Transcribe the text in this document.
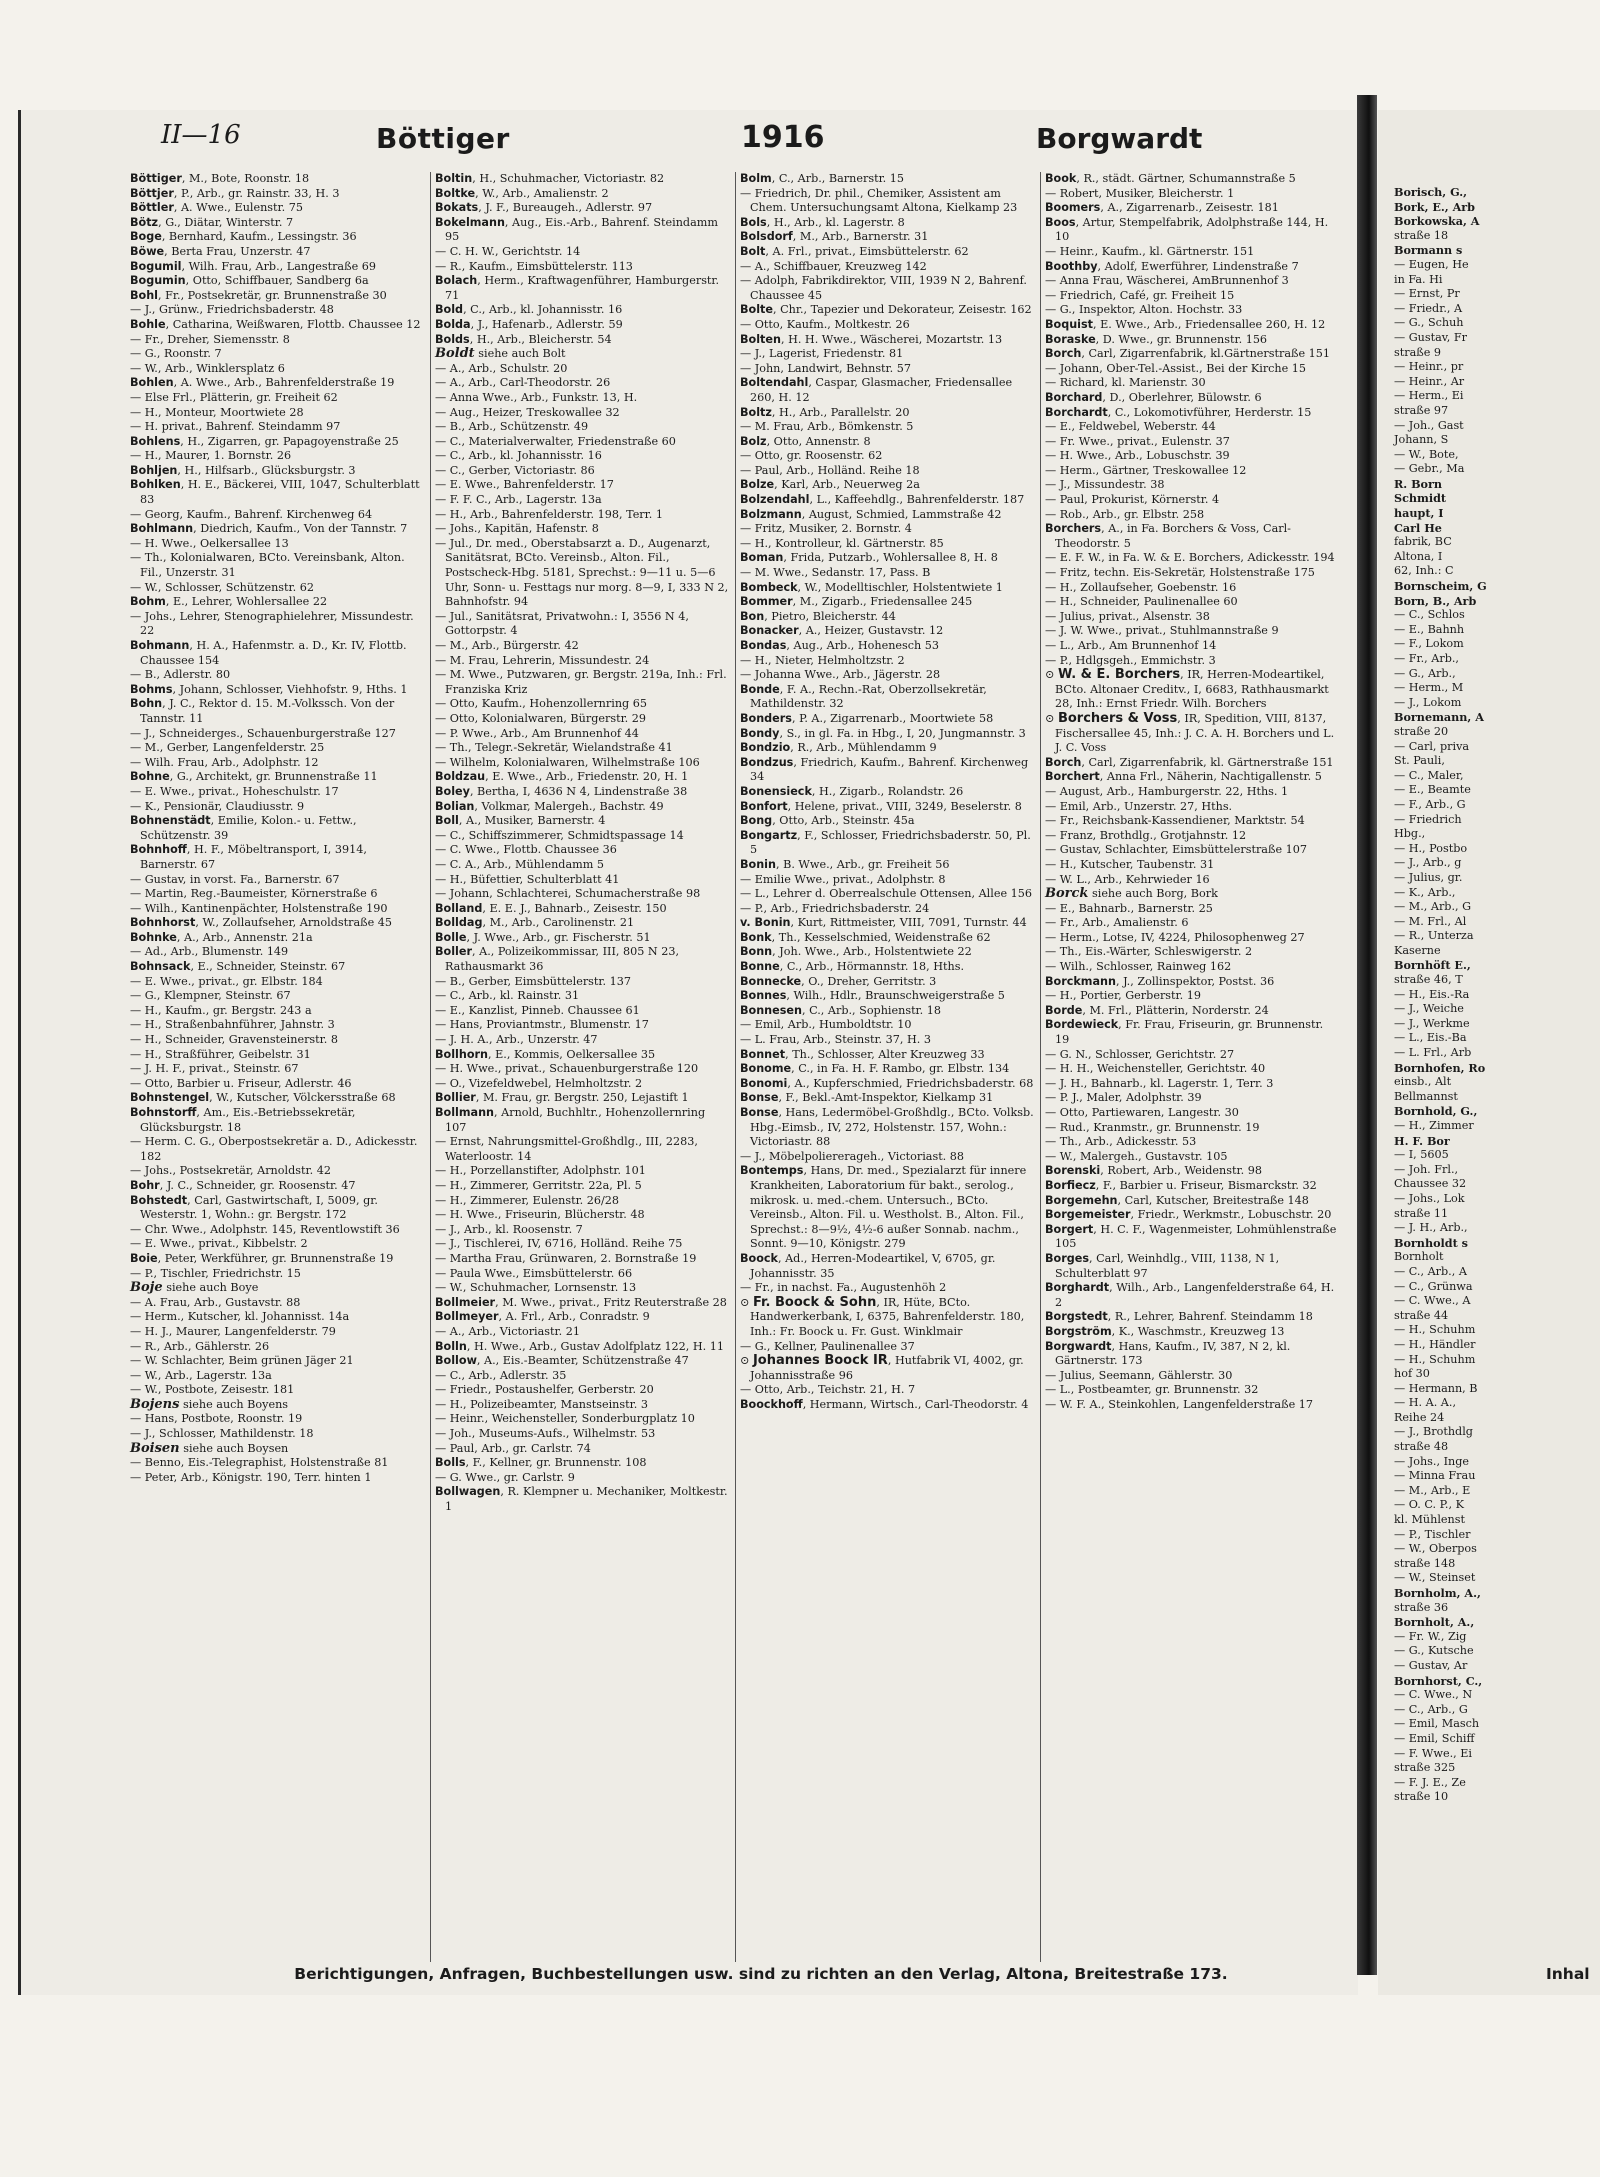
II—16	Böttiger	1916	Borgwardt

Böttiger, M., Bote, Roonstr. 18

Böttjer, P., Arb., gr. Rainstr. 33, H. 3

Böttler, A. Wwe., Eulenstr. 75

Bötz, G., Diätar, Winterstr. 7

Boge, Bernhard, Kaufm., Lessingstr. 36

Böwe, Berta Frau, Unzerstr. 47

Bogumil, Wilh. Frau, Arb., Langestraße 69

Bogumin, Otto, Schiffbauer, Sandberg 6a

Bohl, Fr., Postsekretär, gr. Brunnenstraße 30

— J., Grünw., Friedrichsbaderstr. 48

Bohle, Catharina, Weißwaren, Flottb. Chaussee 12

— Fr., Dreher, Siemensstr. 8

— G., Roonstr. 7

— W., Arb., Winklersplatz 6

Bohlen, A. Wwe., Arb., Bahrenfelderstraße 19

— Else Frl., Plätterin, gr. Freiheit 62

— H., Monteur, Moortwiete 28

— H. privat., Bahrenf. Steindamm 97

Bohlens, H., Zigarren, gr. Papagoyenstraße 25

— H., Maurer, 1. Bornstr. 26

Bohljen, H., Hilfsarb., Glücksburgstr. 3

Bohlken, H. E., Bäckerei, VIII, 1047, Schulterblatt 83

— Georg, Kaufm., Bahrenf. Kirchenweg 64

Bohlmann, Diedrich, Kaufm., Von der Tannstr. 7

— H. Wwe., Oelkersallee 13

— Th., Kolonialwaren, BCto. Vereinsbank, Alton. Fil., Unzerstr. 31

— W., Schlosser, Schützenstr. 62

Bohm, E., Lehrer, Wohlersallee 22

— Johs., Lehrer, Stenographielehrer, Missundestr. 22

Bohmann, H. A., Hafenmstr. a. D., Kr. IV, Flottb. Chaussee 154

— B., Adlerstr. 80

Bohms, Johann, Schlosser, Viehhofstr. 9, Hths. 1

Bohn, J. C., Rektor d. 15. M.-Volkssch. Von der Tannstr. 11

— J., Schneiderges., Schauenburgerstraße 127

— M., Gerber, Langenfelderstr. 25

— Wilh. Frau, Arb., Adolphstr. 12

Bohne, G., Architekt, gr. Brunnenstraße 11

— E. Wwe., privat., Hoheschulstr. 17

— K., Pensionär, Claudiusstr. 9

Bohnenstädt, Emilie, Kolon.- u. Fettw., Schützenstr. 39

Bohnhoff, H. F., Möbeltransport, I, 3914, Barnerstr. 67

— Gustav, in vorst. Fa., Barnerstr. 67

— Martin, Reg.-Baumeister, Körnerstraße 6

— Wilh., Kantinenpächter, Holstenstraße 190

Bohnhorst, W., Zollaufseher, Arnoldstraße 45

Bohnke, A., Arb., Annenstr. 21a

— Ad., Arb., Blumenstr. 149

Bohnsack, E., Schneider, Steinstr. 67

— E. Wwe., privat., gr. Elbstr. 184

— G., Klempner, Steinstr. 67

— H., Kaufm., gr. Bergstr. 243 a

— H., Straßenbahnführer, Jahnstr. 3

— H., Schneider, Gravensteinerstr. 8

— H., Straßführer, Geibelstr. 31

— J. H. F., privat., Steinstr. 67

— Otto, Barbier u. Friseur, Adlerstr. 46

Bohnstengel, W., Kutscher, Völckersstraße 68

Bohnstorff, Am., Eis.-Betriebssekretär, Glücksburgstr. 18

— Herm. C. G., Oberpostsekretär a. D., Adickesstr. 182

— Johs., Postsekretär, Arnoldstr. 42

Bohr, J. C., Schneider, gr. Roosenstr. 47

Bohstedt, Carl, Gastwirtschaft, I, 5009, gr. Westerstr. 1, Wohn.: gr. Bergstr. 172

— Chr. Wwe., Adolphstr. 145, Reventlowstift 36

— E. Wwe., privat., Kibbelstr. 2

Boie, Peter, Werkführer, gr. Brunnenstraße 19

— P., Tischler, Friedrichstr. 15

Boje siehe auch Boye

— A. Frau, Arb., Gustavstr. 88

— Herm., Kutscher, kl. Johannisst. 14a

— H. J., Maurer, Langenfelderstr. 79

— R., Arb., Gählerstr. 26

— W. Schlachter, Beim grünen Jäger 21

— W., Arb., Lagerstr. 13a

— W., Postbote, Zeisestr. 181

Bojens siehe auch Boyens

— Hans, Postbote, Roonstr. 19

— J., Schlosser, Mathildenstr. 18

Boisen siehe auch Boysen

— Benno, Eis.-Telegraphist, Holstenstraße 81

— Peter, Arb., Königstr. 190, Terr. hinten 1

Boltin, H., Schuhmacher, Victoriastr. 82

Boltke, W., Arb., Amalienstr. 2

Bokats, J. F., Bureaugeh., Adlerstr. 97

Bokelmann, Aug., Eis.-Arb., Bahrenf. Steindamm 95

— C. H. W., Gerichtstr. 14

— R., Kaufm., Eimsbüttelerstr. 113

Bolach, Herm., Kraftwagenführer, Hamburgerstr. 71

Bold, C., Arb., kl. Johannisstr. 16

Bolda, J., Hafenarb., Adlerstr. 59

Bolds, H., Arb., Bleicherstr. 54

Boldt siehe auch Bolt

— A., Arb., Schulstr. 20

— A., Arb., Carl-Theodorstr. 26

— Anna Wwe., Arb., Funkstr. 13, H.

— Aug., Heizer, Treskowallee 32

— B., Arb., Schützenstr. 49

— C., Materialverwalter, Friedenstraße 60

— C., Arb., kl. Johannisstr. 16

— C., Gerber, Victoriastr. 86

— E. Wwe., Bahrenfelderstr. 17

— F. F. C., Arb., Lagerstr. 13a

— H., Arb., Bahrenfelderstr. 198, Terr. 1

— Johs., Kapitän, Hafenstr. 8

— Jul., Dr. med., Oberstabsarzt a. D., Augenarzt, Sanitätsrat, BCto. Vereinsb., Alton. Fil., Postscheck-Hbg. 5181, Sprechst.: 9—11 u. 5—6 Uhr, Sonn- u. Festtags nur morg. 8—9, I, 333 N 2, Bahnhofstr. 94

— Jul., Sanitätsrat, Privatwohn.: I, 3556 N 4, Gottorpstr. 4

— M., Arb., Bürgerstr. 42

— M. Frau, Lehrerin, Missundestr. 24

— M. Wwe., Putzwaren, gr. Bergstr. 219a, Inh.: Frl. Franziska Kriz

— Otto, Kaufm., Hohenzollernring 65

— Otto, Kolonialwaren, Bürgerstr. 29

— P. Wwe., Arb., Am Brunnenhof 44

— Th., Telegr.-Sekretär, Wielandstraße 41

— Wilhelm, Kolonialwaren, Wilhelmstraße 106

Boldzau, E. Wwe., Arb., Friedenstr. 20, H. 1

Boley, Bertha, I, 4636 N 4, Lindenstraße 38

Bolian, Volkmar, Malergeh., Bachstr. 49

Boll, A., Musiker, Barnerstr. 4

— C., Schiffszimmerer, Schmidtspassage 14

— C. Wwe., Flottb. Chaussee 36

— C. A., Arb., Mühlendamm 5

— H., Büfettier, Schulterblatt 41

— Johann, Schlachterei, Schumacherstraße 98

Bolland, E. E. J., Bahnarb., Zeisestr. 150

Bolldag, M., Arb., Carolinenstr. 21

Bolle, J. Wwe., Arb., gr. Fischerstr. 51

Boller, A., Polizeikommissar, III, 805 N 23, Rathausmarkt 36

— B., Gerber, Eimsbüttelerstr. 137

— C., Arb., kl. Rainstr. 31

— E., Kanzlist, Pinneb. Chaussee 61

— Hans, Proviantmstr., Blumenstr. 17

— J. H. A., Arb., Unzerstr. 47

Bollhorn, E., Kommis, Oelkersallee 35

— H. Wwe., privat., Schauenburgerstraße 120

— O., Vizefeldwebel, Helmholtzstr. 2

Bollier, M. Frau, gr. Bergstr. 250, Lejastift 1

Bollmann, Arnold, Buchhltr., Hohenzollernring 107

— Ernst, Nahrungsmittel-Großhdlg., III, 2283, Waterloostr. 14

— H., Porzellanstifter, Adolphstr. 101

— H., Zimmerer, Gerritstr. 22a, Pl. 5

— H., Zimmerer, Eulenstr. 26/28

— H. Wwe., Friseurin, Blücherstr. 48

— J., Arb., kl. Roosenstr. 7

— J., Tischlerei, IV, 6716, Holländ. Reihe 75

— Martha Frau, Grünwaren, 2. Bornstraße 19

— Paula Wwe., Eimsbüttelerstr. 66

— W., Schuhmacher, Lornsenstr. 13

Bollmeier, M. Wwe., privat., Fritz Reuterstraße 28

Bollmeyer, A. Frl., Arb., Conradstr. 9

— A., Arb., Victoriastr. 21

Bolln, H. Wwe., Arb., Gustav Adolfplatz 122, H. 11

Bollow, A., Eis.-Beamter, Schützenstraße 47

— C., Arb., Adlerstr. 35

— Friedr., Postaushelfer, Gerberstr. 20

— H., Polizeibeamter, Manstseinstr. 3

— Heinr., Weichensteller, Sonderburgplatz 10

— Joh., Museums-Aufs., Wilhelmstr. 53

— Paul, Arb., gr. Carlstr. 74

Bolls, F., Kellner, gr. Brunnenstr. 108

— G. Wwe., gr. Carlstr. 9

Bollwagen, R. Klempner u. Mechaniker, Moltkestr. 1

Bolm, C., Arb., Barnerstr. 15

— Friedrich, Dr. phil., Chemiker, Assistent am Chem. Untersuchungsamt Altona, Kielkamp 23

Bols, H., Arb., kl. Lagerstr. 8

Bolsdorf, M., Arb., Barnerstr. 31

Bolt, A. Frl., privat., Eimsbüttelerstr. 62

— A., Schiffbauer, Kreuzweg 142

— Adolph, Fabrikdirektor, VIII, 1939 N 2, Bahrenf. Chaussee 45

Bolte, Chr., Tapezier und Dekorateur, Zeisestr. 162

— Otto, Kaufm., Moltkestr. 26

Bolten, H. H. Wwe., Wäscherei, Mozartstr. 13

— J., Lagerist, Friedenstr. 81

— John, Landwirt, Behnstr. 57

Boltendahl, Caspar, Glasmacher, Friedensallee 260, H. 12

Boltz, H., Arb., Parallelstr. 20

— M. Frau, Arb., Bömkenstr. 5

Bolz, Otto, Annenstr. 8

— Otto, gr. Roosenstr. 62

— Paul, Arb., Holländ. Reihe 18

Bolze, Karl, Arb., Neuerweg 2a

Bolzendahl, L., Kaffeehdlg., Bahrenfelderstr. 187

Bolzmann, August, Schmied, Lammstraße 42

— Fritz, Musiker, 2. Bornstr. 4

— H., Kontrolleur, kl. Gärtnerstr. 85

Boman, Frida, Putzarb., Wohlersallee 8, H. 8

— M. Wwe., Sedanstr. 17, Pass. B

Bombeck, W., Modelltischler, Holstentwiete 1

Bommer, M., Zigarb., Friedensallee 245

Bon, Pietro, Bleicherstr. 44

Bonacker, A., Heizer, Gustavstr. 12

Bondas, Aug., Arb., Hohenesch 53

— H., Nieter, Helmholtzstr. 2

— Johanna Wwe., Arb., Jägerstr. 28

Bonde, F. A., Rechn.-Rat, Oberzollsekretär, Mathildenstr. 32

Bonders, P. A., Zigarrenarb., Moortwiete 58

Bondy, S., in gl. Fa. in Hbg., I, 20, Jungmannstr. 3

Bondzio, R., Arb., Mühlendamm 9

Bondzus, Friedrich, Kaufm., Bahrenf. Kirchenweg 34

Bonensieck, H., Zigarb., Rolandstr. 26

Bonfort, Helene, privat., VIII, 3249, Beselerstr. 8

Bong, Otto, Arb., Steinstr. 45a

Bongartz, F., Schlosser, Friedrichsbaderstr. 50, Pl. 5

Bonin, B. Wwe., Arb., gr. Freiheit 56

— Emilie Wwe., privat., Adolphstr. 8

— L., Lehrer d. Oberrealschule Ottensen, Allee 156

— P., Arb., Friedrichsbaderstr. 24

v. Bonin, Kurt, Rittmeister, VIII, 7091, Turnstr. 44

Bonk, Th., Kesselschmied, Weidenstraße 62

Bonn, Joh. Wwe., Arb., Holstentwiete 22

Bonne, C., Arb., Hörmannstr. 18, Hths.

Bonnecke, O., Dreher, Gerritstr. 3

Bonnes, Wilh., Hdlr., Braunschweigerstraße 5

Bonnesen, C., Arb., Sophienstr. 18

— Emil, Arb., Humboldtstr. 10

— L. Frau, Arb., Steinstr. 37, H. 3

Bonnet, Th., Schlosser, Alter Kreuzweg 33

Bonome, C., in Fa. H. F. Rambo, gr. Elbstr. 134

Bonomi, A., Kupferschmied, Friedrichsbaderstr. 68

Bonse, F., Bekl.-Amt-Inspektor, Kielkamp 31

Bonse, Hans, Ledermöbel-Großhdlg., BCto. Volksb. Hbg.-Eimsb., IV, 272, Holstenstr. 157, Wohn.: Victoriastr. 88

— J., Möbelpoliererageh., Victoriast. 88

Bontemps, Hans, Dr. med., Spezialarzt für innere Krankheiten, Laboratorium für bakt., serolog., mikrosk. u. med.-chem. Untersuch., BCto. Vereinsb., Alton. Fil. u. Westholst. B., Alton. Fil., Sprechst.: 8—9½, 4½-6 außer Sonnab. nachm., Sonnt. 9—10, Königstr. 279

Boock, Ad., Herren-Modeartikel, V, 6705, gr. Johannisstr. 35

— Fr., in nachst. Fa., Augustenhöh 2

⊙ Fr. Boock & Sohn, IR, Hüte, BCto. Handwerkerbank, I, 6375, Bahrenfelderstr. 180, Inh.: Fr. Boock u. Fr. Gust. Winklmair

— G., Kellner, Paulinenallee 37

⊙ Johannes Boock IR, Hutfabrik VI, 4002, gr. Johannisstraße 96

— Otto, Arb., Teichstr. 21, H. 7

Boockhoff, Hermann, Wirtsch., Carl-Theodorstr. 4

Book, R., städt. Gärtner, Schumannstraße 5

— Robert, Musiker, Bleicherstr. 1

Boomers, A., Zigarrenarb., Zeisestr. 181

Boos, Artur, Stempelfabrik, Adolphstraße 144, H. 10

— Heinr., Kaufm., kl. Gärtnerstr. 151

Boothby, Adolf, Ewerführer, Lindenstraße 7

— Anna Frau, Wäscherei, AmBrunnenhof 3

— Friedrich, Café, gr. Freiheit 15

— G., Inspektor, Alton. Hochstr. 33

Boquist, E. Wwe., Arb., Friedensallee 260, H. 12

Boraske, D. Wwe., gr. Brunnenstr. 156

Borch, Carl, Zigarrenfabrik, kl.Gärtnerstraße 151

— Johann, Ober-Tel.-Assist., Bei der Kirche 15

— Richard, kl. Marienstr. 30

Borchard, D., Oberlehrer, Bülowstr. 6

Borchardt, C., Lokomotivführer, Herderstr. 15

— E., Feldwebel, Weberstr. 44

— Fr. Wwe., privat., Eulenstr. 37

— H. Wwe., Arb., Lobuschstr. 39

— Herm., Gärtner, Treskowallee 12

— J., Missundestr. 38

— Paul, Prokurist, Körnerstr. 4

— Rob., Arb., gr. Elbstr. 258

Borchers, A., in Fa. Borchers & Voss, Carl-Theodorstr. 5

— E. F. W., in Fa. W. & E. Borchers, Adickesstr. 194

— Fritz, techn. Eis-Sekretär, Holstenstraße 175

— H., Zollaufseher, Goebenstr. 16

— H., Schneider, Paulinenallee 60

— Julius, privat., Alsenstr. 38

— J. W. Wwe., privat., Stuhlmannstraße 9

— L., Arb., Am Brunnenhof 14

— P., Hdlgsgeh., Emmichstr. 3

⊙ W. & E. Borchers, IR, Herren-Modeartikel, BCto. Altonaer Creditv., I, 6683, Rathhausmarkt 28, Inh.: Ernst Friedr. Wilh. Borchers

⊙ Borchers & Voss, IR, Spedition, VIII, 8137, Fischersallee 45, Inh.: J. C. A. H. Borchers und L. J. C. Voss

Borch, Carl, Zigarrenfabrik, kl. Gärtnerstraße 151

Borchert, Anna Frl., Näherin, Nachtigallenstr. 5

— August, Arb., Hamburgerstr. 22, Hths. 1

— Emil, Arb., Unzerstr. 27, Hths.

— Fr., Reichsbank-Kassendiener, Marktstr. 54

— Franz, Brothdlg., Grotjahnstr. 12

— Gustav, Schlachter, Eimsbüttelerstraße 107

— H., Kutscher, Taubenstr. 31

— W. L., Arb., Kehrwieder 16

Borck siehe auch Borg, Bork

— E., Bahnarb., Barnerstr. 25

— Fr., Arb., Amalienstr. 6

— Herm., Lotse, IV, 4224, Philosophenweg 27

— Th., Eis.-Wärter, Schleswigerstr. 2

— Wilh., Schlosser, Rainweg 162

Borckmann, J., Zollinspektor, Postst. 36

— H., Portier, Gerberstr. 19

Borde, M. Frl., Plätterin, Norderstr. 24

Bordewieck, Fr. Frau, Friseurin, gr. Brunnenstr. 19

— G. N., Schlosser, Gerichtstr. 27

— H. H., Weichensteller, Gerichtstr. 40

— J. H., Bahnarb., kl. Lagerstr. 1, Terr. 3

— P. J., Maler, Adolphstr. 39

— Otto, Partiewaren, Langestr. 30

— Rud., Kranmstr., gr. Brunnenstr. 19

— Th., Arb., Adickesstr. 53

— W., Malergeh., Gustavstr. 105

Borenski, Robert, Arb., Weidenstr. 98

Borfiecz, F., Barbier u. Friseur, Bismarckstr. 32

Borgemehn, Carl, Kutscher, Breitestraße 148

Borgemeister, Friedr., Werkmstr., Lobuschstr. 20

Borgert, H. C. F., Wagenmeister, Lohmühlenstraße 105

Borges, Carl, Weinhdlg., VIII, 1138, N 1, Schulterblatt 97

Borghardt, Wilh., Arb., Langenfelderstraße 64, H. 2

Borgstedt, R., Lehrer, Bahrenf. Steindamm 18

Borgström, K., Waschmstr., Kreuzweg 13

Borgwardt, Hans, Kaufm., IV, 387, N 2, kl. Gärtnerstr. 173

— Julius, Seemann, Gählerstr. 30

— L., Postbeamter, gr. Brunnenstr. 32

— W. F. A., Steinkohlen, Langenfelderstraße 17

Berichtigungen, Anfragen, Buchbestellungen usw. sind zu richten an den Verlag, Altona, Breitestraße 173.

Borisch, G.,

Bork, E., Arb

Borkowska, A

straße 18

Bormann s

— Eugen, He

in Fa. Hi

— Ernst, Pr

— Friedr., A

— G., Schuh

— Gustav, Fr

straße 9

— Heinr., pr

— Heinr., Ar

— Herm., Ei

straße 97

— Joh., Gast

Johann, S

— W., Bote,

— Gebr., Ma

R. Born

Schmidt

haupt, I

Carl He

fabrik, BC

Altona, I

62, Inh.: C

Bornscheim, G

Born, B., Arb

— C., Schlos

— E., Bahnh

— F., Lokom

— Fr., Arb.,

— G., Arb.,

— Herm., M

— J., Lokom

Bornemann, A

straße 20

— Carl, priva

St. Pauli,

— C., Maler,

— E., Beamte

— F., Arb., G

— Friedrich

Hbg.,

— H., Postbo

— J., Arb., g

— Julius, gr.

— K., Arb.,

— M., Arb., G

— M. Frl., Al

— R., Unterza

Kaserne

Bornhöft E.,

straße 46, T

— H., Eis.-Ra

— J., Weiche

— J., Werkme

— L., Eis.-Ba

— L. Frl., Arb

Bornhofen, Ro

einsb., Alt

Bellmannst

Bornhold, G.,

— H., Zimmer

H. F. Bor

— I, 5605

— Joh. Frl.,

Chaussee 32

— Johs., Lok

straße 11

— J. H., Arb.,

Bornholdt s

Bornholt

— C., Arb., A

— C., Grünwa

— C. Wwe., A

straße 44

— H., Schuhm

— H., Händler

— H., Schuhm

hof 30

— Hermann, B

— H. A. A.,

Reihe 24

— J., Brothdlg

straße 48

— Johs., Inge

— Minna Frau

— M., Arb., E

— O. C. P., K

kl. Mühlenst

— P., Tischler

— W., Oberpos

straße 148

— W., Steinset

Bornholm, A.,

straße 36

Bornholt, A.,

— Fr. W., Zig

— G., Kutsche

— Gustav, Ar

Bornhorst, C.,

— C. Wwe., N

— C., Arb., G

— Emil, Masch

— Emil, Schiff

— F. Wwe., Ei

straße 325

— F. J. E., Ze

straße 10

Inhal
